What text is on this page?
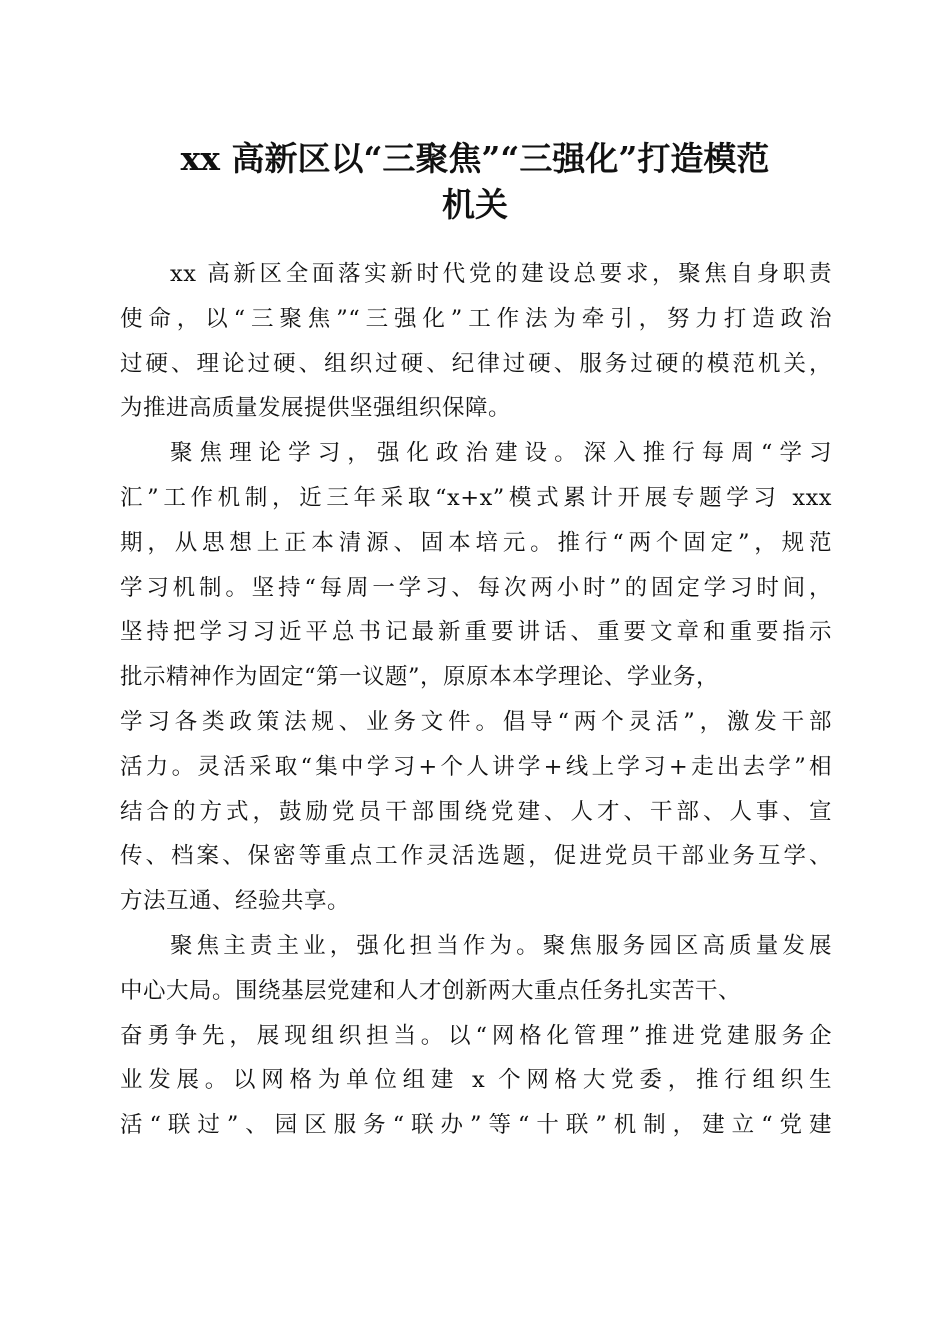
xx 高新区以“三聚焦”“三强化”打造模范
机关
xx 高新区全面落实新时代党的建设总要求，聚焦自身职责
使命，以“三聚焦”“三强化”工作法为牵引，努力打造政治
过硬、理论过硬、组织过硬、纪律过硬、服务过硬的模范机关，
为推进高质量发展提供坚强组织保障。
聚焦理论学习，强化政治建设。深入推行每周“学习
汇”工作机制，近三年采取“x+x”模式累计开展专题学习 xxx
期，从思想上正本清源、固本培元。推行“两个固定”，规范
学习机制。坚持“每周一学习、每次两小时”的固定学习时间，
坚持把学习习近平总书记最新重要讲话、重要文章和重要指示
批示精神作为固定“第一议题”，原原本本学理论、学业务，
学习各类政策法规、业务文件。倡导“两个灵活”，激发干部
活力。灵活采取“集中学习+个人讲学+线上学习+走出去学”相
结合的方式，鼓励党员干部围绕党建、人才、干部、人事、宣
传、档案、保密等重点工作灵活选题，促进党员干部业务互学、
方法互通、经验共享。
聚焦主责主业，强化担当作为。聚焦服务园区高质量发展
中心大局。围绕基层党建和人才创新两大重点任务扎实苦干、
奋勇争先，展现组织担当。以“网格化管理”推进党建服务企
业发展。以网格为单位组建 x 个网格大党委，推行组织生
活“联过”、园区服务“联办”等“十联”机制，建立“党建
